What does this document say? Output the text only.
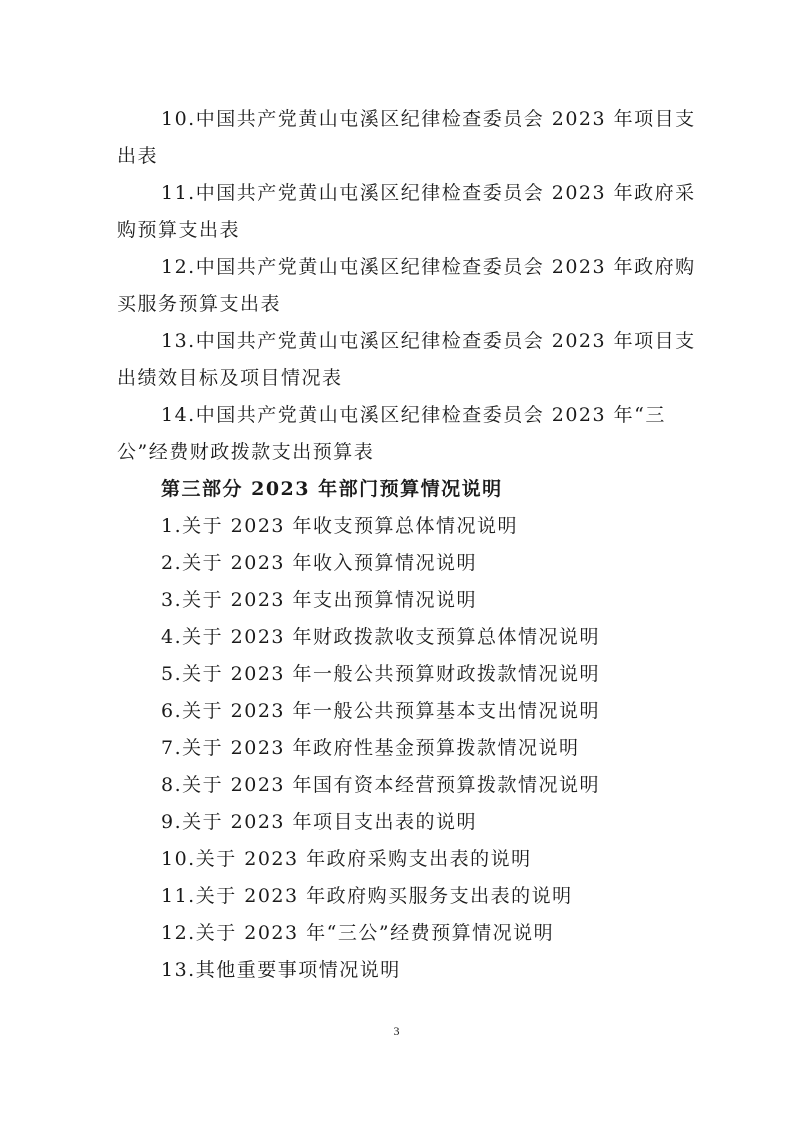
10.中国共产党黄山屯溪区纪律检查委员会 2023 年项目支出表
11.中国共产党黄山屯溪区纪律检查委员会 2023 年政府采购预算支出表
12.中国共产党黄山屯溪区纪律检查委员会 2023 年政府购买服务预算支出表
13.中国共产党黄山屯溪区纪律检查委员会 2023 年项目支出绩效目标及项目情况表
14.中国共产党黄山屯溪区纪律检查委员会 2023 年“三公”经费财政拨款支出预算表
第三部分 2023 年部门预算情况说明
1.关于 2023 年收支预算总体情况说明
2.关于 2023 年收入预算情况说明
3.关于 2023 年支出预算情况说明
4.关于 2023 年财政拨款收支预算总体情况说明
5.关于 2023 年一般公共预算财政拨款情况说明
6.关于 2023 年一般公共预算基本支出情况说明
7.关于 2023 年政府性基金预算拨款情况说明
8.关于 2023 年国有资本经营预算拨款情况说明
9.关于 2023 年项目支出表的说明
10.关于 2023 年政府采购支出表的说明
11.关于 2023 年政府购买服务支出表的说明
12.关于 2023 年“三公”经费预算情况说明
13.其他重要事项情况说明
3
